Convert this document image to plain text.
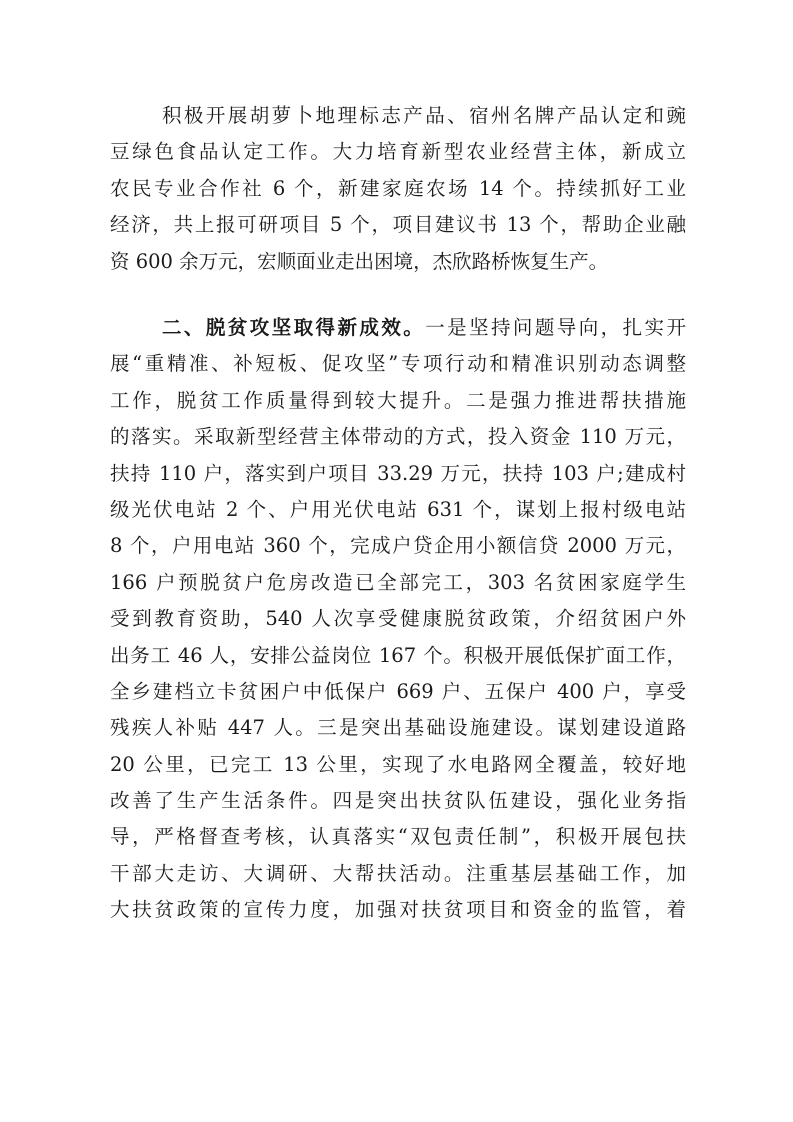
积极开展胡萝卜地理标志产品、宿州名牌产品认定和豌
豆绿色食品认定工作。大力培育新型农业经营主体，新成立
农民专业合作社 6 个，新建家庭农场 14 个。持续抓好工业
经济，共上报可研项目 5 个，项目建议书 13 个，帮助企业融
资 600 余万元，宏顺面业走出困境，杰欣路桥恢复生产。
二、脱贫攻坚取得新成效。一是坚持问题导向，扎实开
展“重精准、补短板、促攻坚”专项行动和精准识别动态调整
工作，脱贫工作质量得到较大提升。二是强力推进帮扶措施
的落实。采取新型经营主体带动的方式，投入资金 110 万元，
扶持 110 户，落实到户项目 33.29 万元，扶持 103 户;建成村
级光伏电站 2 个、户用光伏电站 631 个，谋划上报村级电站
8 个，户用电站 360 个，完成户贷企用小额信贷 2000 万元，
166 户预脱贫户危房改造已全部完工，303 名贫困家庭学生
受到教育资助，540 人次享受健康脱贫政策，介绍贫困户外
出务工 46 人，安排公益岗位 167 个。积极开展低保扩面工作，
全乡建档立卡贫困户中低保户 669 户、五保户 400 户，享受
残疾人补贴 447 人。三是突出基础设施建设。谋划建设道路
20 公里，已完工 13 公里，实现了水电路网全覆盖，较好地
改善了生产生活条件。四是突出扶贫队伍建设，强化业务指
导，严格督查考核，认真落实“双包责任制”，积极开展包扶
干部大走访、大调研、大帮扶活动。注重基层基础工作，加
大扶贫政策的宣传力度，加强对扶贫项目和资金的监管，着
